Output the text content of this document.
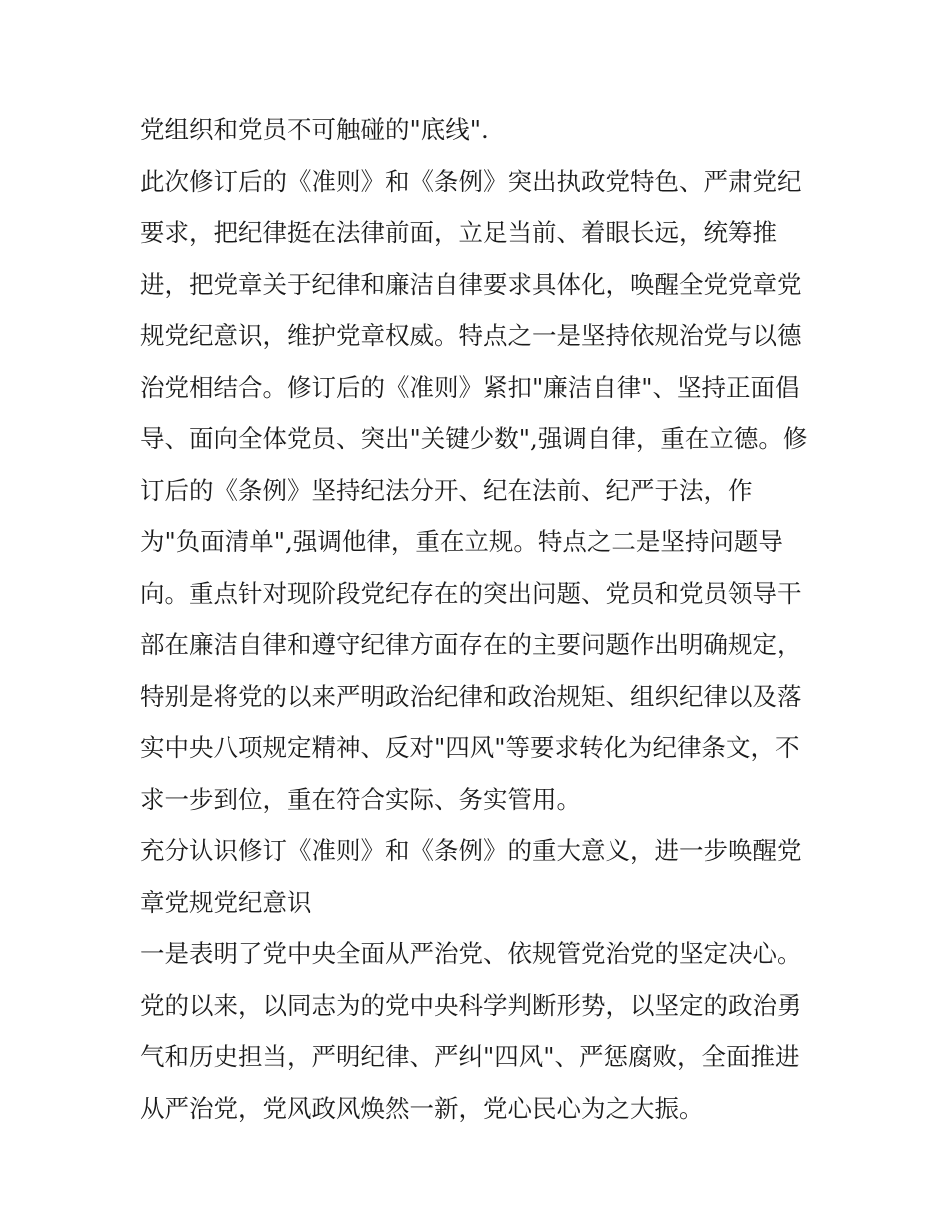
党组织和党员不可触碰的"底线".
此次修订后的《准则》和《条例》突出执政党特色、严肃党纪
要求，把纪律挺在法律前面，立足当前、着眼长远，统筹推
进，把党章关于纪律和廉洁自律要求具体化，唤醒全党党章党
规党纪意识，维护党章权威。特点之一是坚持依规治党与以德
治党相结合。修订后的《准则》紧扣"廉洁自律"、坚持正面倡
导、面向全体党员、突出"关键少数",强调自律，重在立德。修
订后的《条例》坚持纪法分开、纪在法前、纪严于法，作
为"负面清单",强调他律，重在立规。特点之二是坚持问题导
向。重点针对现阶段党纪存在的突出问题、党员和党员领导干
部在廉洁自律和遵守纪律方面存在的主要问题作出明确规定，
特别是将党的以来严明政治纪律和政治规矩、组织纪律以及落
实中央八项规定精神、反对"四风"等要求转化为纪律条文，不
求一步到位，重在符合实际、务实管用。
充分认识修订《准则》和《条例》的重大意义，进一步唤醒党
章党规党纪意识
一是表明了党中央全面从严治党、依规管党治党的坚定决心。
党的以来，以同志为的党中央科学判断形势，以坚定的政治勇
气和历史担当，严明纪律、严纠"四风"、严惩腐败，全面推进
从严治党，党风政风焕然一新，党心民心为之大振。
